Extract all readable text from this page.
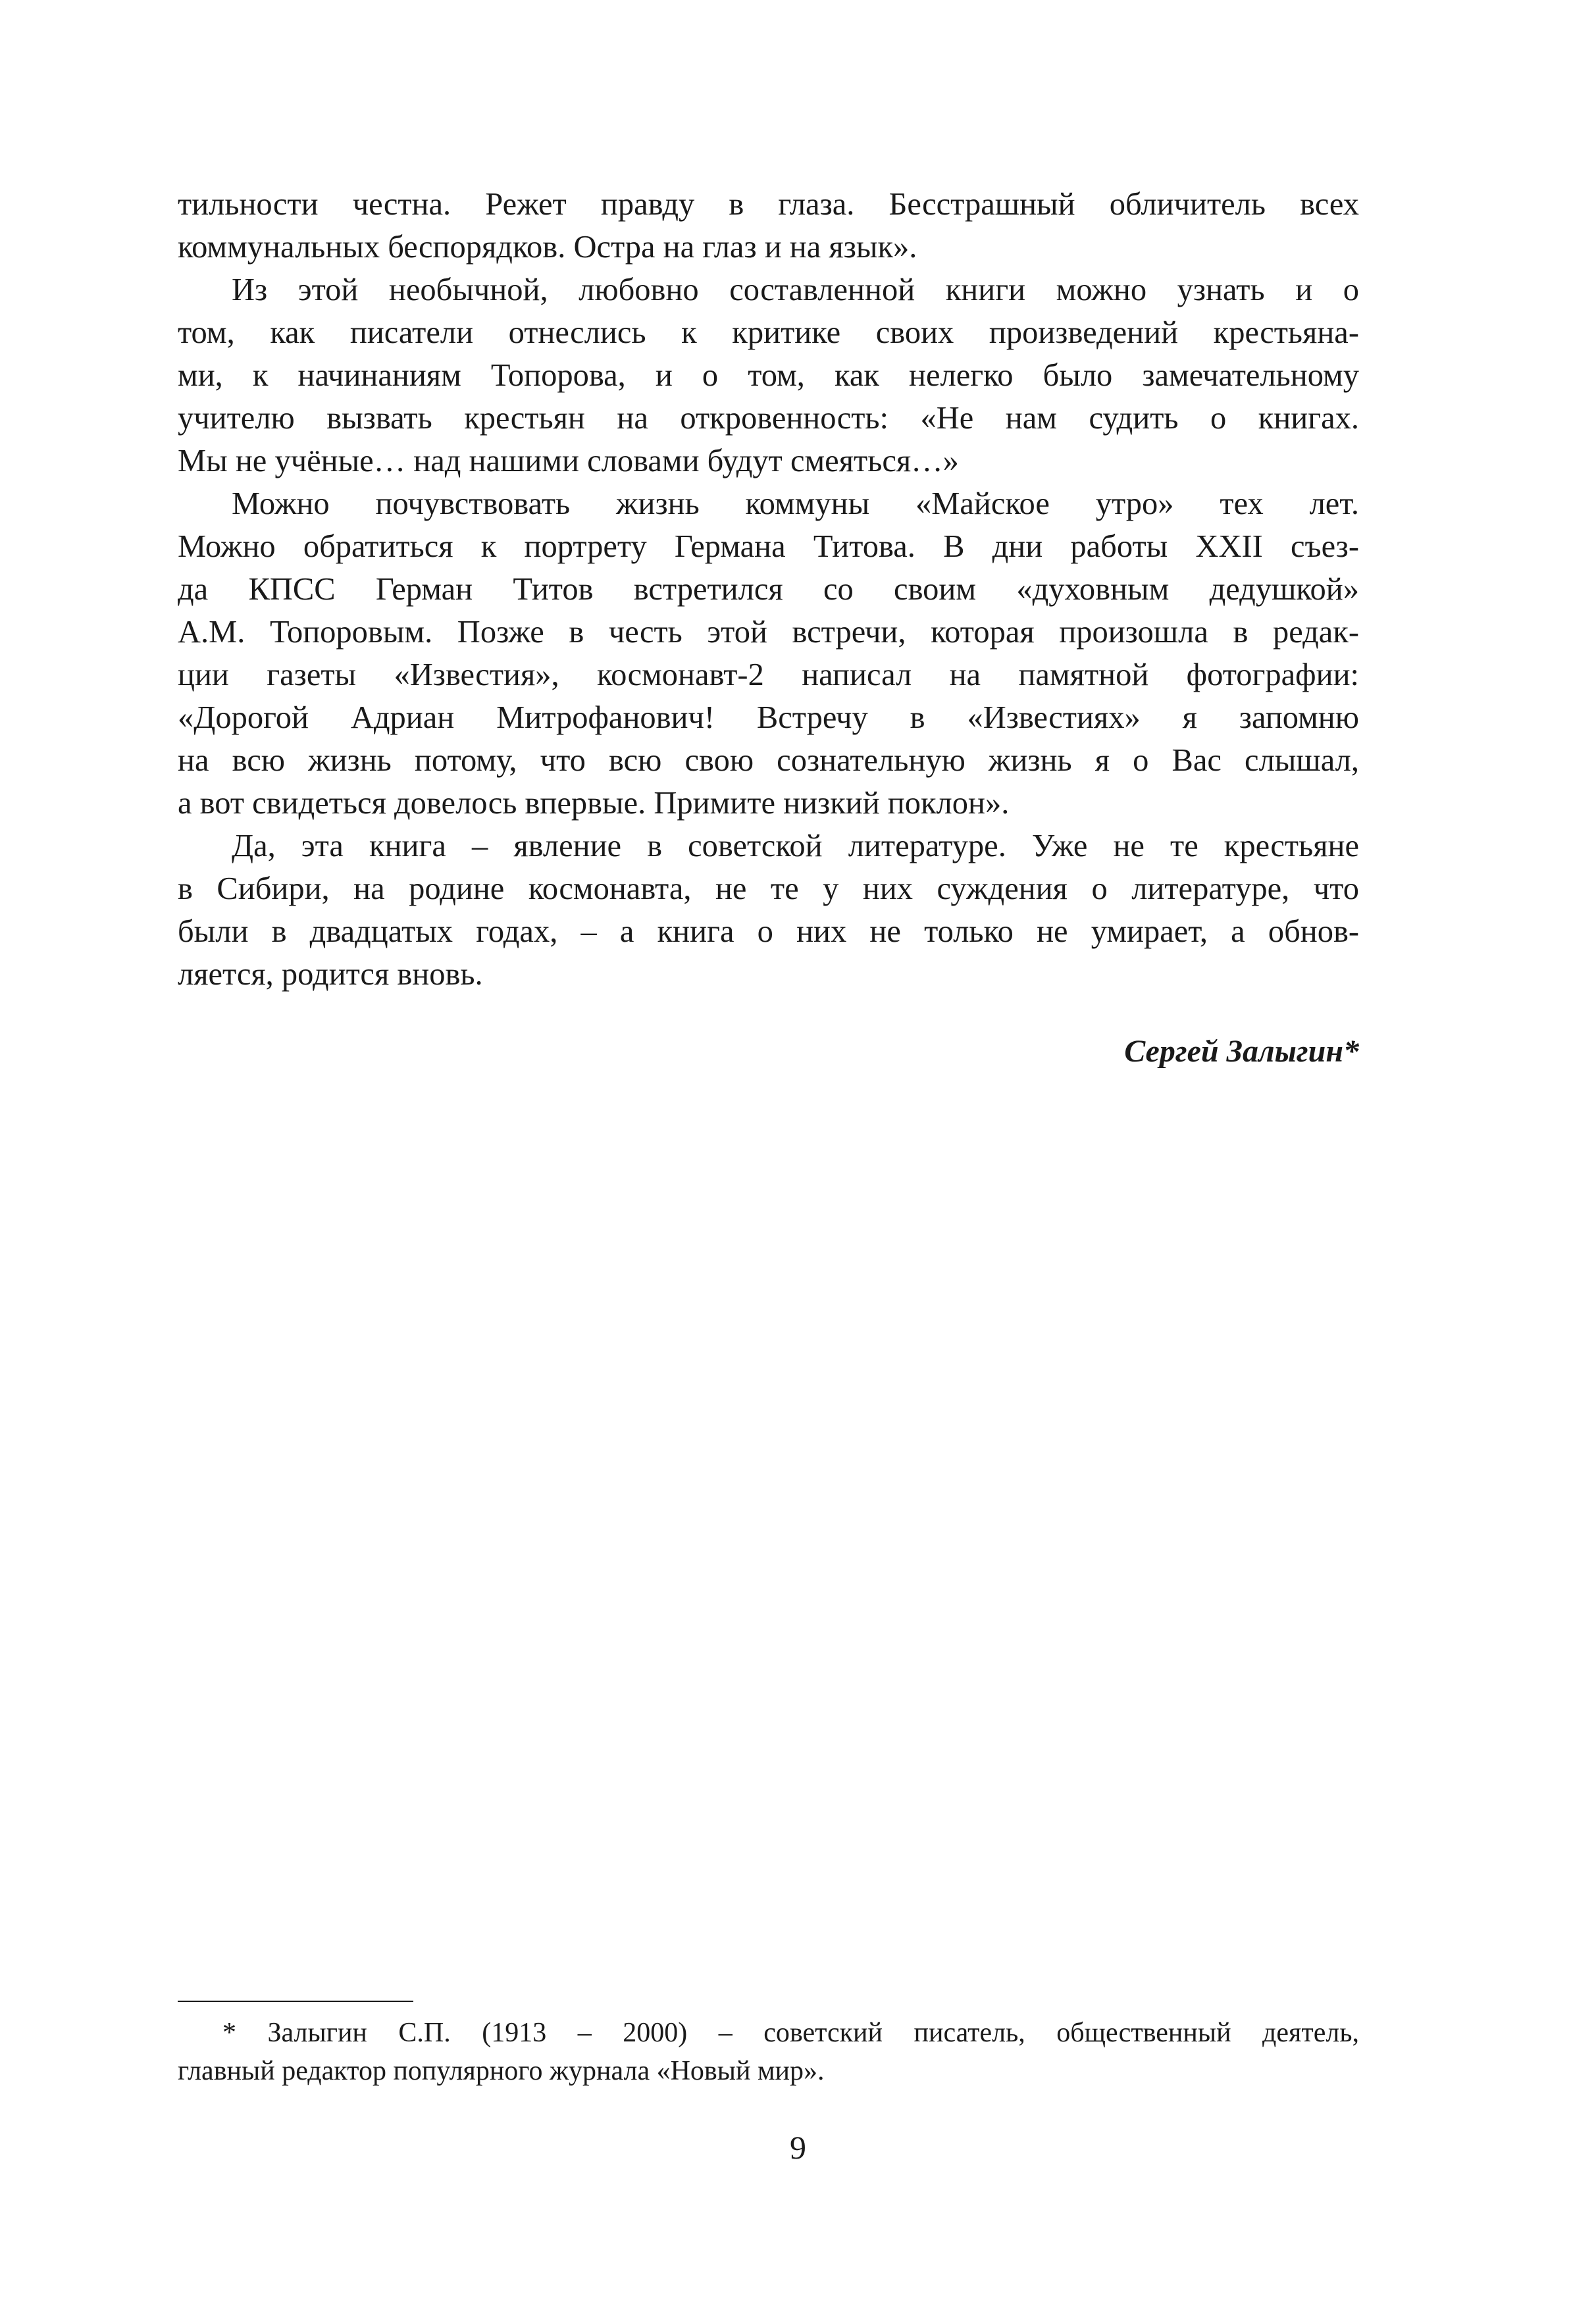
тильности честна. Режет правду в глаза. Бесстрашный обличитель всех
коммунальных беспорядков. Остра на глаз и на язык».
Из этой необычной, любовно составленной книги можно узнать и о
том, как писатели отнеслись к критике своих произведений крестьяна-
ми, к начинаниям Топорова, и о том, как нелегко было замечательному
учителю вызвать крестьян на откровенность: «Не нам судить о книгах.
Мы не учёные… над нашими словами будут смеяться…»
Можно почувствовать жизнь коммуны «Майское утро» тех лет.
Можно обратиться к портрету Германа Титова. В дни работы XXII съез-
да КПСС Герман Титов встретился со своим «духовным дедушкой»
А.М. Топоровым. Позже в честь этой встречи, которая произошла в редак-
ции газеты «Известия», космонавт-2 написал на памятной фотографии:
«Дорогой Адриан Митрофанович! Встречу в «Известиях» я запомню
на всю жизнь потому, что всю свою сознательную жизнь я о Вас слышал,
а вот свидеться довелось впервые. Примите низкий поклон».
Да, эта книга – явление в советской литературе. Уже не те крестьяне
в Сибири, на родине космонавта, не те у них суждения о литературе, что
были в двадцатых годах, – а книга о них не только не умирает, а обнов-
ляется, родится вновь.
Сергей Залыгин*
* Залыгин С.П. (1913 – 2000) – советский писатель, общественный деятель,
главный редактор популярного журнала «Новый мир».
9
